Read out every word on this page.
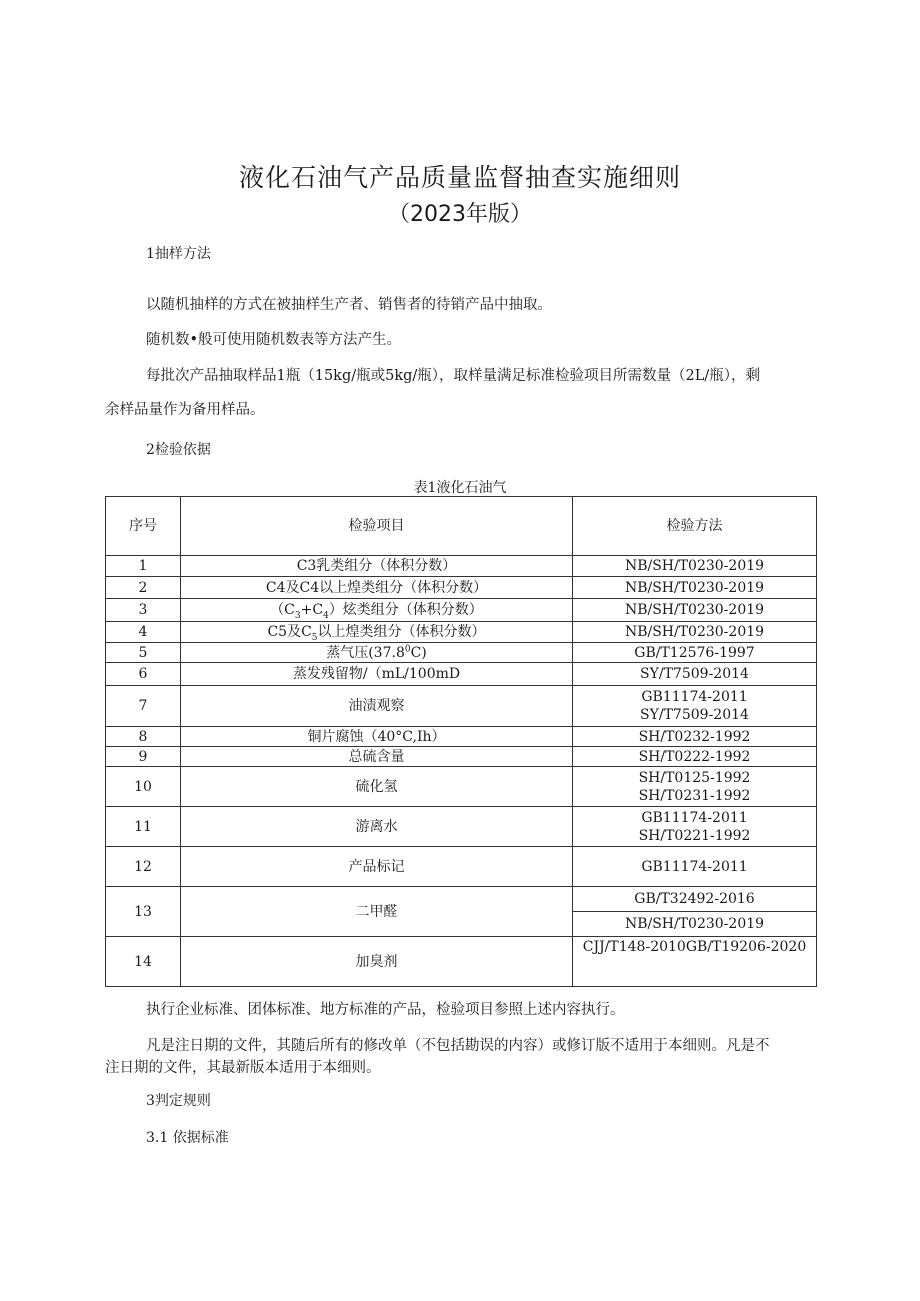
液化石油气产品质量监督抽查实施细则
（2023年版）
1抽样方法
以随机抽样的方式在被抽样生产者、销售者的待销产品中抽取。
随机数•般可使用随机数表等方法产生。
每批次产品抽取样品1瓶（15kg/瓶或5kg/瓶），取样量满足标准检验项目所需数量（2L/瓶），剩
余样品量作为备用样品。
2检验依据
表1液化石油气
序号	检验项目	检验方法
1	C3乳类组分（体积分数）	NB/SH/T0230-2019
2	C4及C4以上煌类组分（体积分数）	NB/SH/T0230-2019
3	$(C_3+C_4)$炫类组分（体积分数）	NB/SH/T0230-2019
4	C5及$C_5$以上煌类组分（体积分数）	NB/SH/T0230-2019
5	蒸气压(37.8$^0$C)	GB/T12576-1997
6	蒸发残留物/（mL/100mD	SY/T7509-2014
7	油渍观察	GB11174-2011
SY/T7509-2014

8	铜片腐蚀（40°C,Ih）	SH/T0232-1992
9	总硫含量	SH/T0222-1992
10	硫化氢	SH/T0125-1992
SH/T0231-1992

11	游离水	GB11174-2011
SH/T0221-1992

12	产品标记	GB11174-2011
13	二甲醛	GB/T32492-2016
		NB/SH/T0230-2019
14	加臭剂	CJJ/T148-2010GB/T19206-2020
执行企业标准、团体标准、地方标准的产品，检验项目参照上述内容执行。
凡是注日期的文件，其随后所有的修改单（不包括勘误的内容）或修订版不适用于本细则。凡是不
注日期的文件，其最新版本适用于本细则。
3判定规则
3.1 依据标准
